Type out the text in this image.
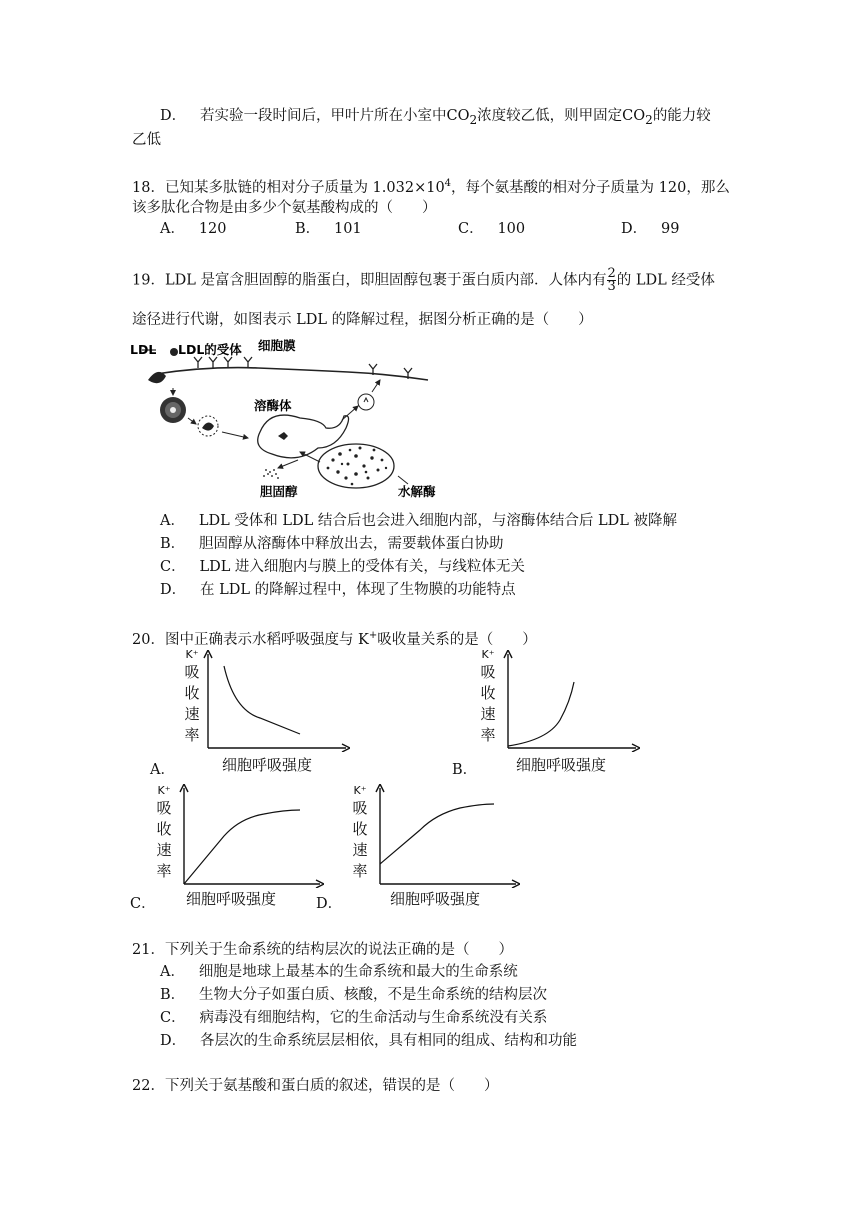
D． 若实验一段时间后，甲叶片所在小室中$CO_2$浓度较乙低，则甲固定$CO_2$的能力较
乙低
18．已知某多肽链的相对分子质量为 $1.032\times 10^4$，每个氨基酸的相对分子质量为 120，那么
该多肽化合物是由多少个氨基酸构成的（　　）
A． 120	B． 101	C． 100	D． 99
19．LDL 是富含胆固醇的脂蛋白，即胆固醇包裹于蛋白质内部．人体内有 $\frac{2}{3}$ 的 LDL 经受体
途径进行代谢，如图表示 LDL 的降解过程，据图分析正确的是（　　）
溶酶体
水解酶
胆固醇
LDL LDL的受体 细胞膜
A． LDL 受体和 LDL 结合后也会进入细胞内部，与溶酶体结合后 LDL 被降解
B． 胆固醇从溶酶体中释放出去，需要载体蛋白协助
C． LDL 进入细胞内与膜上的受体有关，与线粒体无关
D． 在 LDL 的降解过程中，体现了生物膜的功能特点
20．图中正确表示水稻呼吸强度与 K+吸收量关系的是（　　）
K⁺
吸
收
速
率
A．	细胞呼吸强度
K⁺
吸
收
速
率
B．	细胞呼吸强度
K⁺
吸
收
速
率
C． 细胞呼吸强度
K⁺
吸
收
速
率
D．	细胞呼吸强度
21．下列关于生命系统的结构层次的说法正确的是（　　）
A． 细胞是地球上最基本的生命系统和最大的生命系统
B． 生物大分子如蛋白质、核酸，不是生命系统的结构层次
C． 病毒没有细胞结构，它的生命活动与生命系统没有关系
D． 各层次的生命系统层层相依，具有相同的组成、结构和功能
22．下列关于氨基酸和蛋白质的叙述，错误的是（　　）
